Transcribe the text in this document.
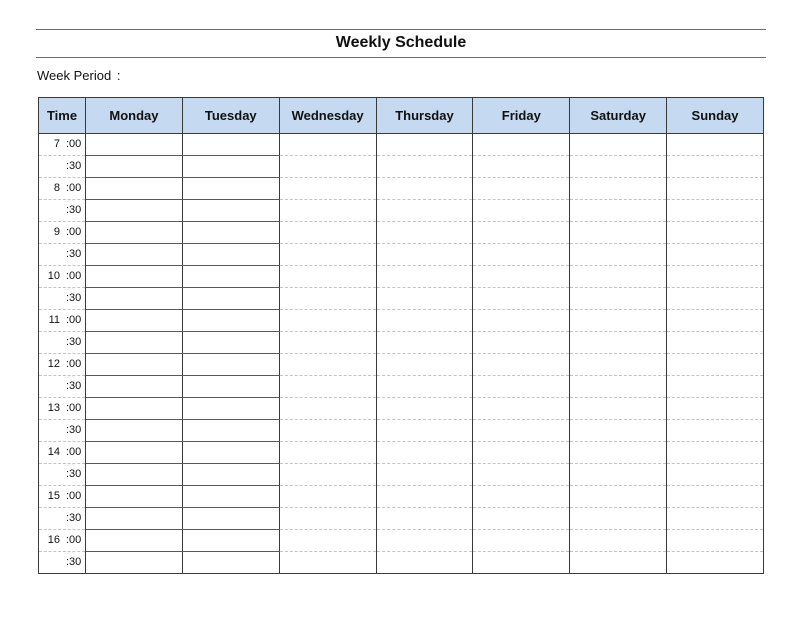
Weekly Schedule
Week Period :
Time	Monday	Tuesday	Wednesday	Thursday	Friday	Saturday	Sunday
7 :00							
:30							
8 :00							
:30							
9 :00							
:30							
10 :00							
:30							
11 :00							
:30							
12 :00							
:30							
13 :00							
:30							
14 :00							
:30							
15 :00							
:30							
16 :00							
:30							
